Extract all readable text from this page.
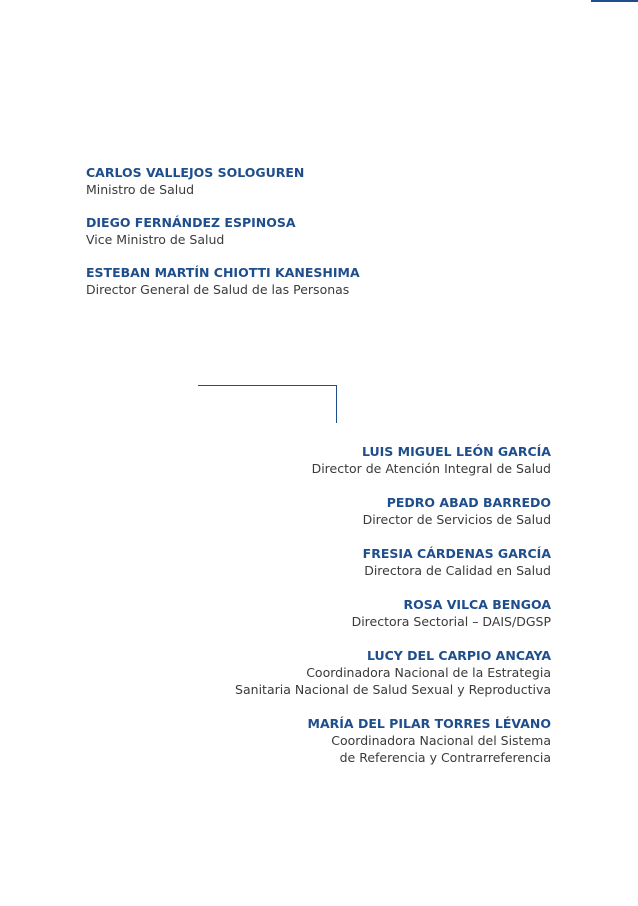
CARLOS VALLEJOS SOLOGUREN
Ministro de Salud
DIEGO FERNÁNDEZ ESPINOSA
Vice Ministro de Salud
ESTEBAN MARTÍN CHIOTTI KANESHIMA
Director General de Salud de las Personas
LUIS MIGUEL LEÓN GARCÍA
Director de Atención Integral de Salud
PEDRO ABAD BARREDO
Director de Servicios de Salud
FRESIA CÁRDENAS GARCÍA
Directora de Calidad en Salud
ROSA VILCA BENGOA
Directora Sectorial – DAIS/DGSP
LUCY DEL CARPIO ANCAYA
Coordinadora Nacional de la Estrategia
Sanitaria Nacional de Salud Sexual y Reproductiva
MARÍA DEL PILAR TORRES LÉVANO
Coordinadora Nacional del Sistema
de Referencia y Contrarreferencia
